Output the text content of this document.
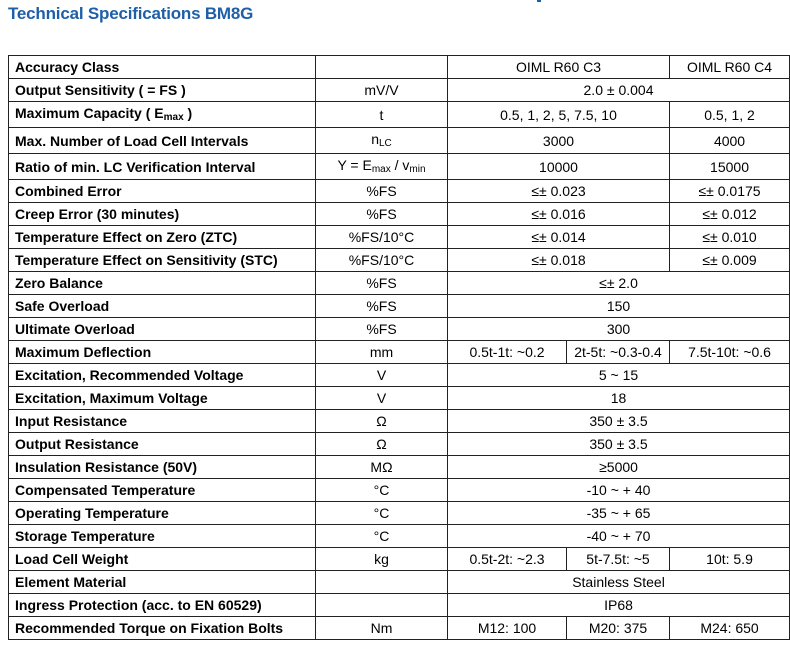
Technical Specifications BM8G
Accuracy Class		OIML R60 C3		OIML R60 C4
Output Sensitivity ( = FS )	mV/V	2.0 ± 0.004		
Maximum Capacity ( $E_{max}$ )	t	0.5, 1, 2, 5, 7.5, 10		0.5, 1, 2
Max. Number of Load Cell Intervals	$n_{LC}$	3000		4000
Ratio of min. LC Verification Interval	$Y = E_{max} / v_{min}$	10000		15000
Combined Error	%FS	≤± 0.023		≤± 0.0175
Creep Error (30 minutes)	%FS	≤± 0.016		≤± 0.012
Temperature Effect on Zero (ZTC)	%FS/10°C	≤± 0.014		≤± 0.010
Temperature Effect on Sensitivity (STC)	%FS/10°C	≤± 0.018		≤± 0.009
Zero Balance	%FS	≤± 2.0		
Safe Overload	%FS	150		
Ultimate Overload	%FS	300		
Maximum Deflection	mm	0.5t-1t: ~0.2	2t-5t: ~0.3-0.4	7.5t-10t: ~0.6
Excitation, Recommended Voltage	V	5 ~ 15		
Excitation, Maximum Voltage	V	18		
Input Resistance	Ω	350 ± 3.5		
Output Resistance	Ω	350 ± 3.5		
Insulation Resistance (50V)	MΩ	≥5000		
Compensated Temperature	°C	-10 ~ + 40		
Operating Temperature	°C	-35 ~ + 65		
Storage Temperature	°C	-40 ~ + 70		
Load Cell Weight	kg	0.5t-2t: ~2.3	5t-7.5t: ~5	10t: 5.9
Element Material		Stainless Steel		
Ingress Protection (acc. to EN 60529)		IP68		
Recommended Torque on Fixation Bolts	Nm	M12: 100	M20: 375	M24: 650
